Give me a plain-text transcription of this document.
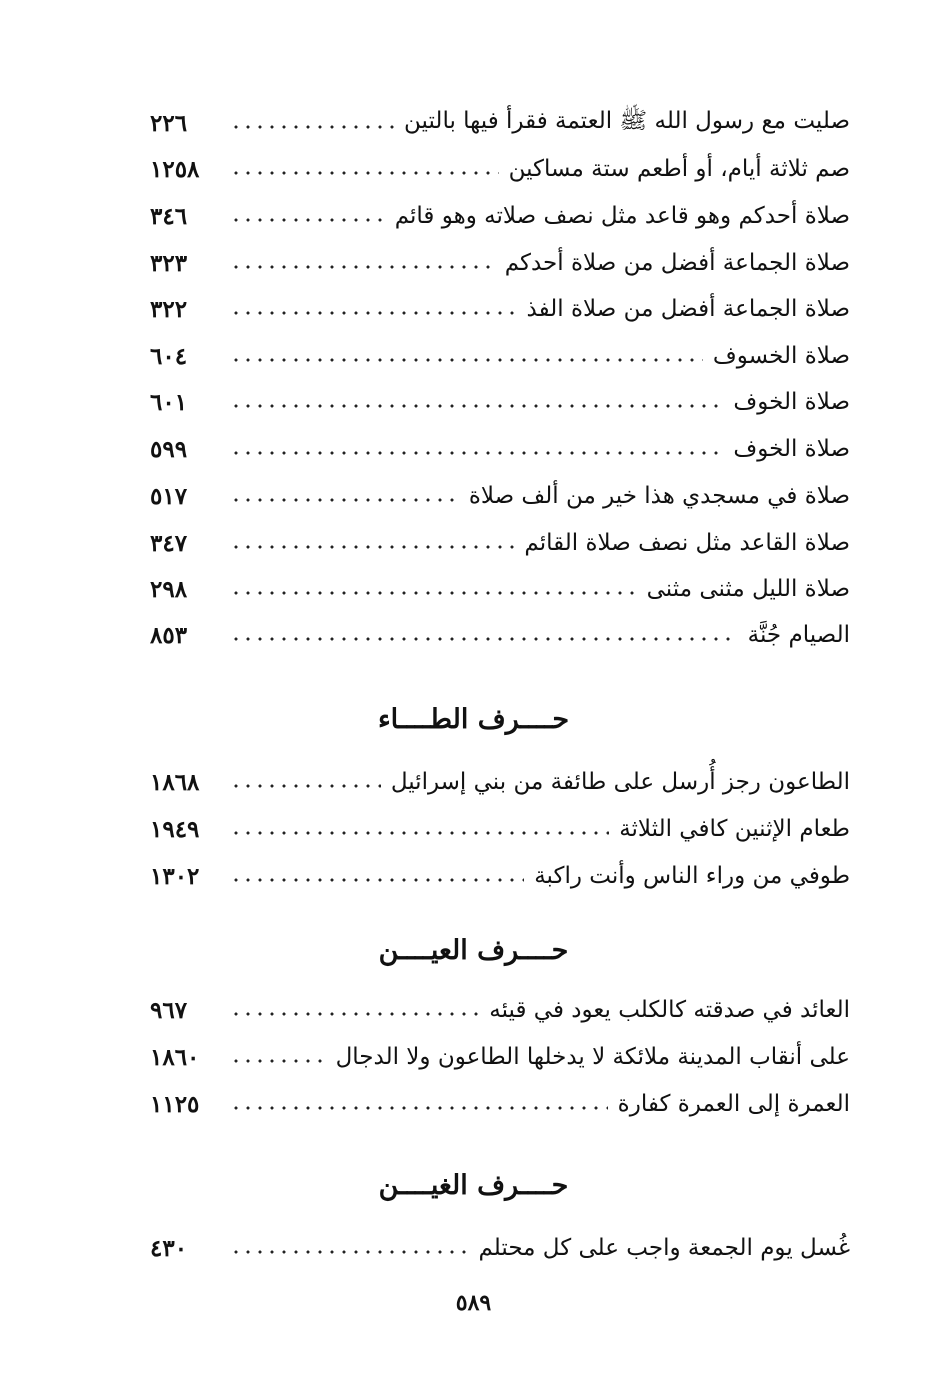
٢٢٦	صليت مع رسول الله ﷺ العتمة فقرأ فيها بالتين
١٢٥٨	صم ثلاثة أيام، أو أطعم ستة مساكين
٣٤٦	صلاة أحدكم وهو قاعد مثل نصف صلاته وهو قائم
٣٢٣	صلاة الجماعة أفضل من صلاة أحدكم
٣٢٢	صلاة الجماعة أفضل من صلاة الفذ
٦٠٤	صلاة الخسوف
٦٠١	صلاة الخوف
٥٩٩	صلاة الخوف
٥١٧	صلاة في مسجدي هذا خير من ألف صلاة
٣٤٧	صلاة القاعد مثل نصف صلاة القائم
٢٩٨	صلاة الليل مثنى مثنى
٨٥٣	الصيام جُنَّة
حــــرف الطــــاء
١٨٦٨	الطاعون رجز أُرسل على طائفة من بني إسرائيل
١٩٤٩	طعام الإثنين كافي الثلاثة
١٣٠٢	طوفي من وراء الناس وأنت راكبة
حــــرف العيــــن
٩٦٧	العائد في صدقته كالكلب يعود في قيئه
١٨٦٠	على أنقاب المدينة ملائكة لا يدخلها الطاعون ولا الدجال
١١٢٥	العمرة إلى العمرة كفارة
حــــرف الغيــــن
٤٣٠	غُسل يوم الجمعة واجب على كل محتلم
٥٨٩
